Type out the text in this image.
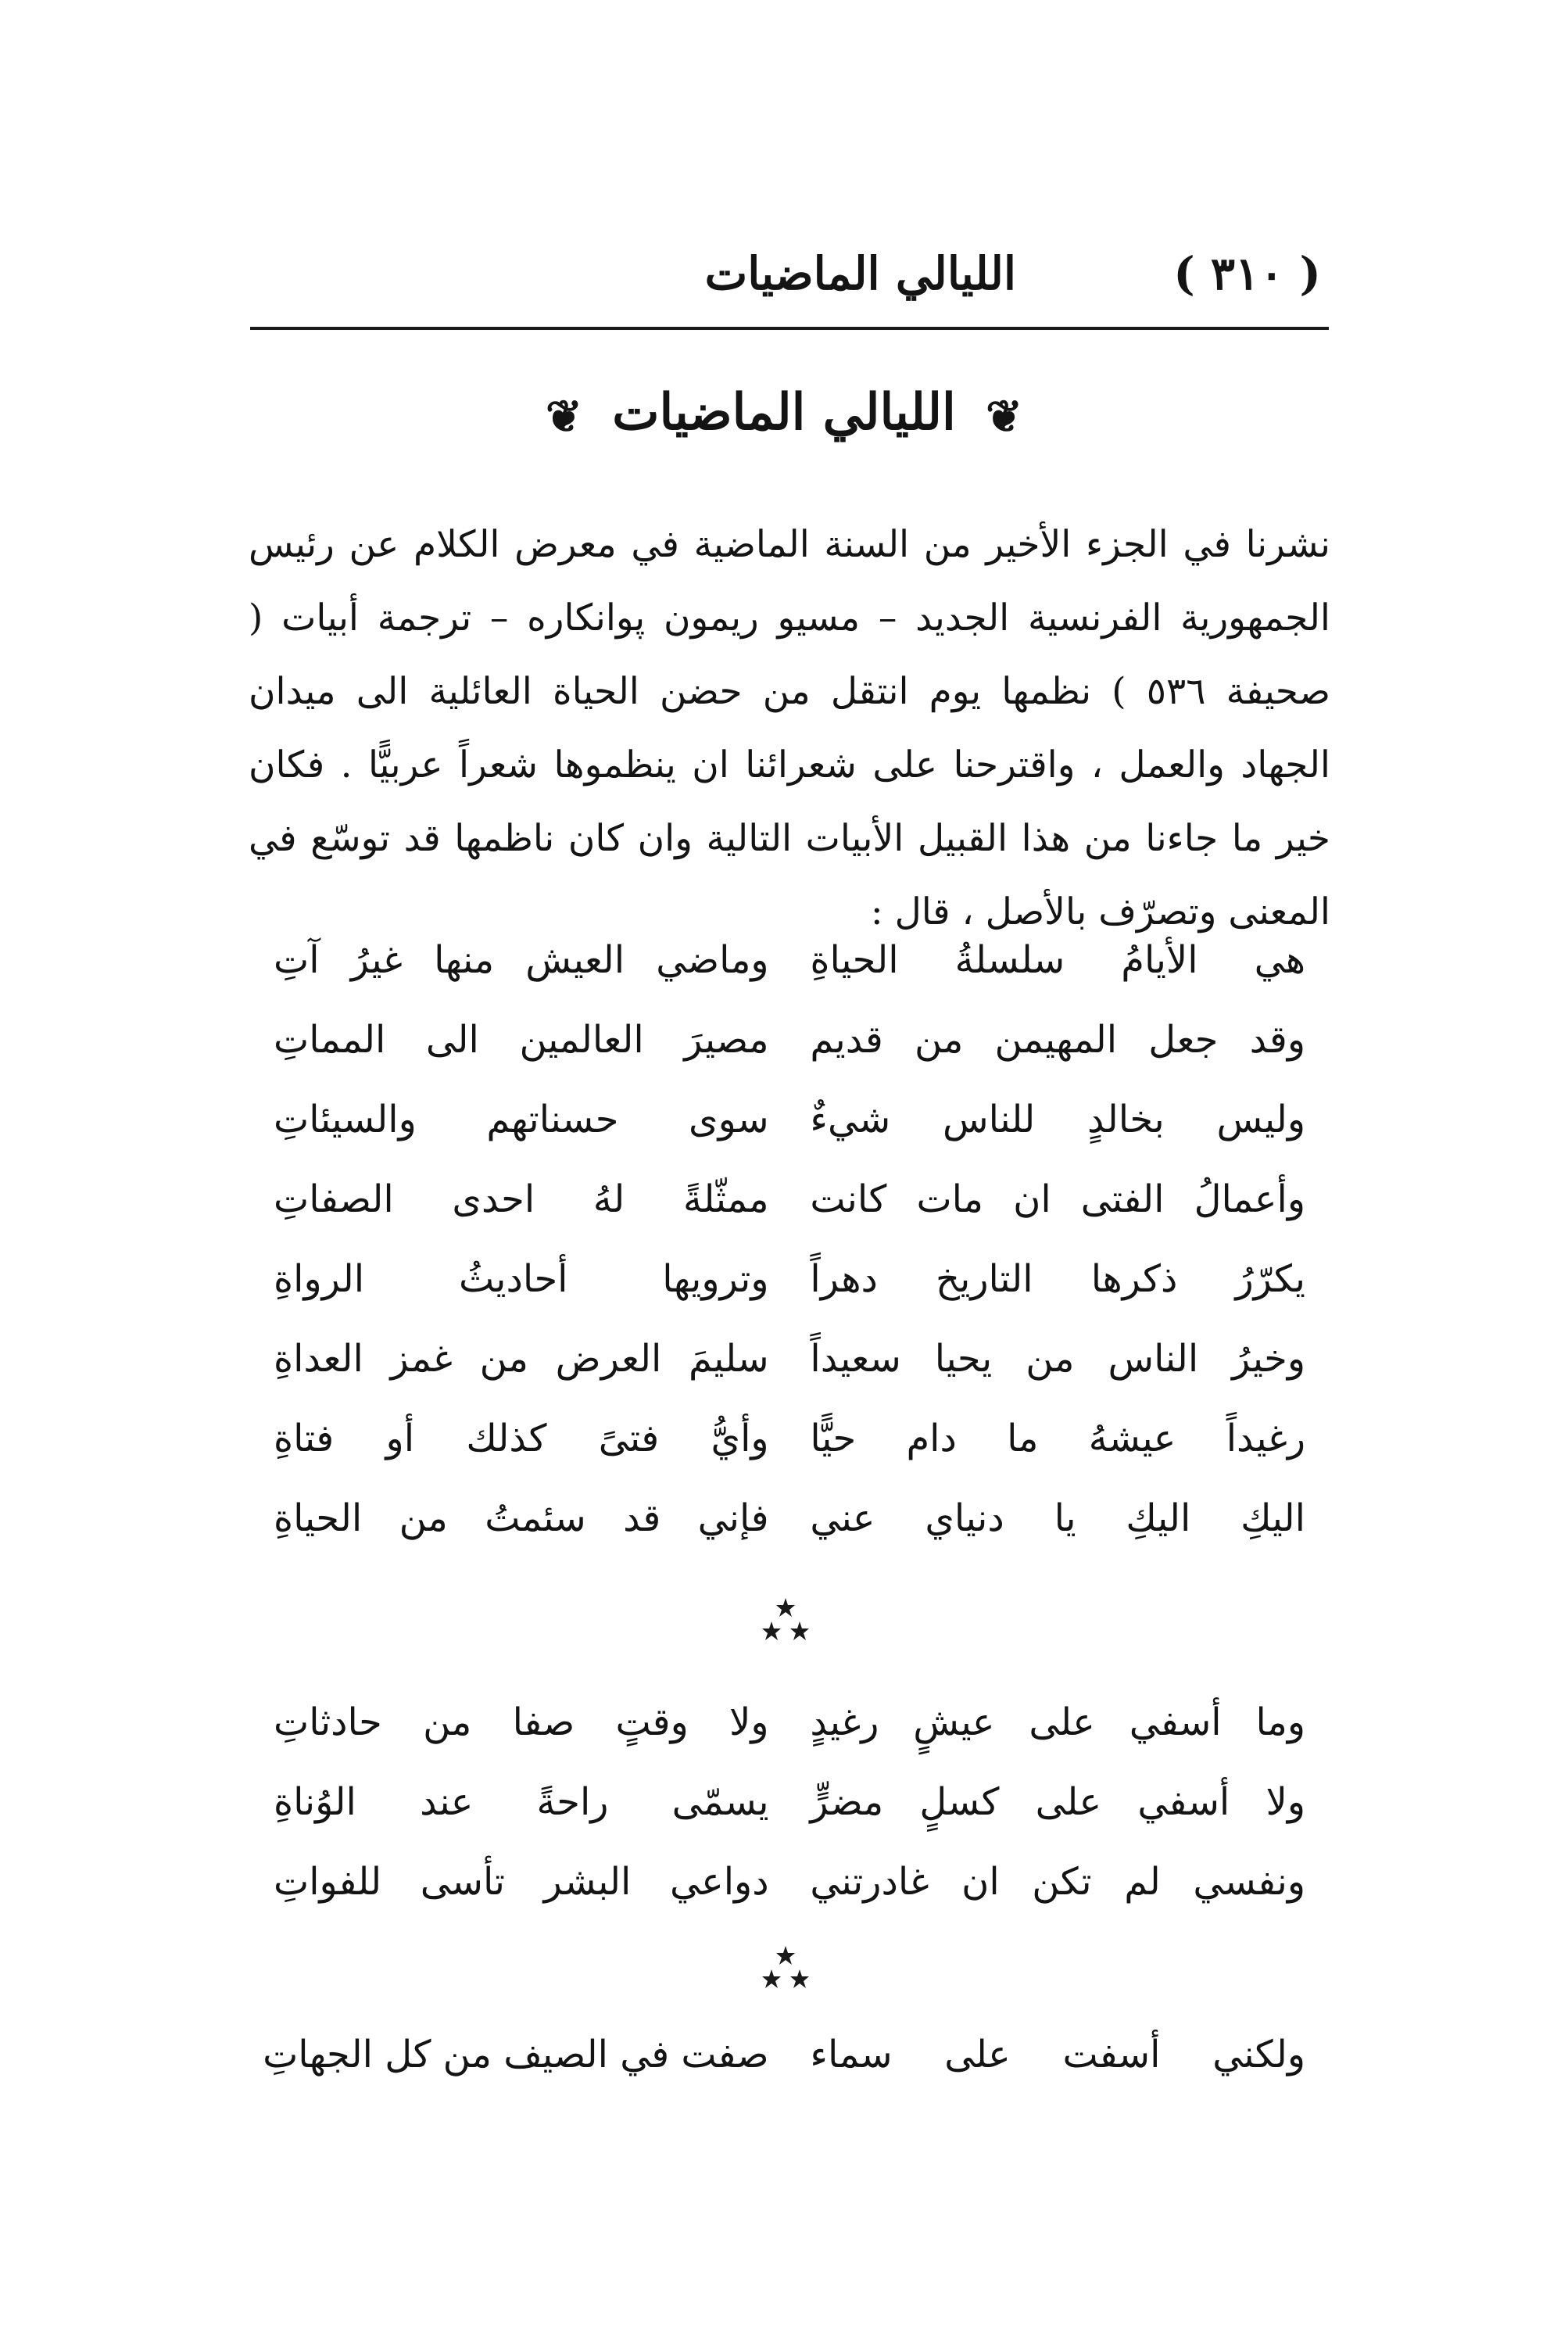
( ٣١٠ )
الليالي الماضيات
❦ الليالي الماضيات ❦

نشرنا في الجزء الأخير من السنة الماضية في معرض الكلام عن رئيس الجمهورية الفرنسية الجديد – مسيو ريمون پوانكاره – ترجمة أبيات ( صحيفة ٥٣٦ ) نظمها يوم انتقل من حضن الحياة العائلية الى ميدان الجهاد والعمل ، واقترحنا على شعرائنا ان ينظموها شعراً عربيًّا . فكان خير ما جاءنا من هذا القبيل الأبيات التالية وان كان ناظمها قد توسّع في المعنى وتصرّف بالأصل ، قال :

هي الأيامُ سلسلةُ الحياةِ
وماضي العيش منها غيرُ آتِ
وقد جعل المهيمن من قديم
مصيرَ العالمين الى المماتِ
وليس بخالدٍ للناس شيءٌ
سوى حسناتهم والسيئاتِ
وأعمالُ الفتى ان مات كانت
ممثّلةً لهُ احدى الصفاتِ
يكرّرُ ذكرها التاريخ دهراً
وترويها أحاديثُ الرواةِ
وخيرُ الناس من يحيا سعيداً
سليمَ العرض من غمز العداةِ
رغيداً عيشهُ ما دام حيًّا
وأيُّ فتىً كذلك أو فتاةِ
اليكِ اليكِ يا دنياي عني
فإني قد سئمتُ من الحياةِ
وما أسفي على عيشٍ رغيدٍ
ولا وقتٍ صفا من حادثاتِ
ولا أسفي على كسلٍ مضرٍّ
يسمّى راحةً عند الوُناةِ
ونفسي لم تكن ان غادرتني
دواعي البشر تأسى للفواتِ
ولكني أسفت على سماء
صفت في الصيف من كل الجهاتِ
